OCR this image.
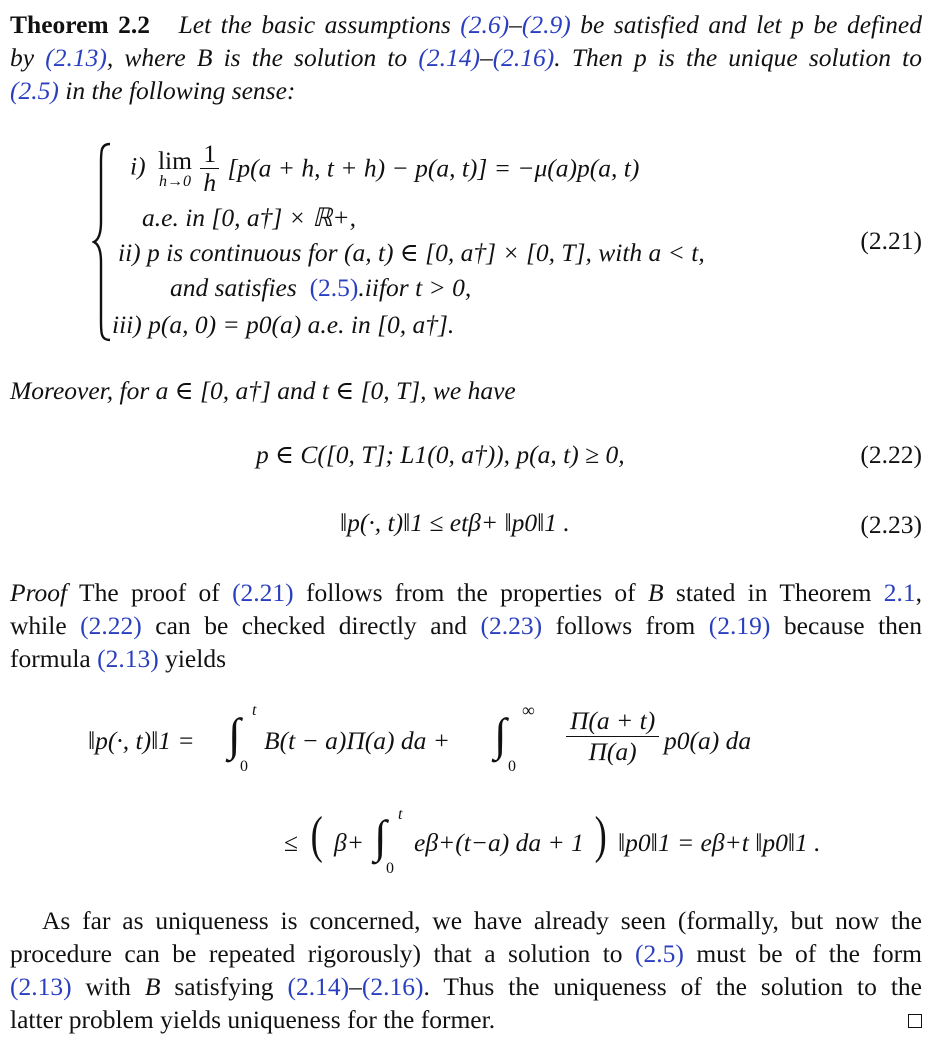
Theorem 2.2   Let the basic assumptions (2.6)–(2.9) be satisfied and let p be defined
by (2.13), where B is the solution to (2.14)–(2.16). Then p is the unique solution to
(2.5) in the following sense:
i) lim
h→0
$\frac{1}{h} [p(a + h$, t + h) − p(a, t)] = −μ(a)p(a, t)
a.e. in [0, a†] × ℝ+,
ii) p is continuous for (a, t) ∈ [0, a†] × [0, T], with a < t,
and satisfies  (2.5).iifor t > 0,
iii) p(a, 0) = p0(a) a.e. in [0, a†].
(2.21)
Moreover, for a ∈ [0, a†] and t ∈ [0, T], we have
p ∈ C([0, T]; L1(0, a†)), p(a, t) ≥ 0,	(2.22)
‖p(·, t)‖1 ≤ etβ+ ‖p0‖1 .	(2.23)
Proof The proof of (2.21) follows from the properties of B stated in Theorem 2.1,
while (2.22) can be checked directly and (2.23) follows from (2.19) because then
formula (2.13) yields
‖p(·, t)‖1 = ∫ t
0
B(t − a)Π(a) da + ∫ ∞
$0 \frac{\Pi(a + t)}{\Pi(a)} p0(a)$ da
≤ ( β+ ∫ t
0
eβ+(t−a) da + 1 ) ‖p0‖1 = eβ+t ‖p0‖1 .
As far as uniqueness is concerned, we have already seen (formally, but now the
procedure can be repeated rigorously) that a solution to (2.5) must be of the form
(2.13) with B satisfying (2.14)–(2.16). Thus the uniqueness of the solution to the
latter problem yields uniqueness for the former.
